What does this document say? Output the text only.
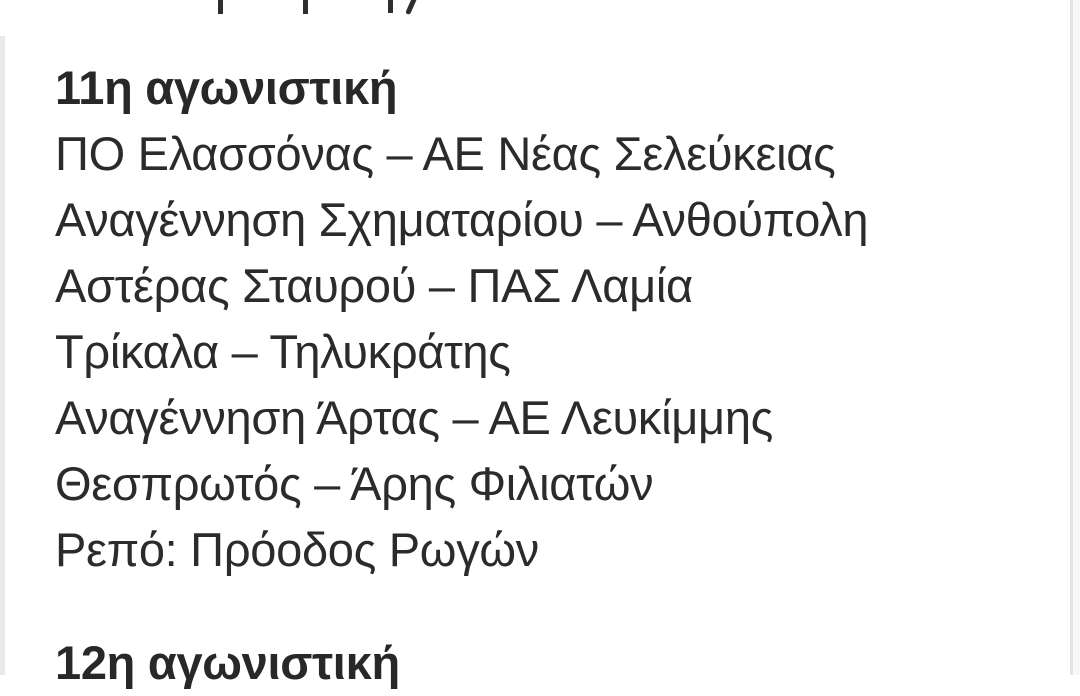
11η αγωνιστική
ΠΟ Ελασσόνας – ΑΕ Νέας Σελεύκειας
Αναγέννηση Σχηματαρίου – Ανθούπολη
Αστέρας Σταυρού – ΠΑΣ Λαμία
Τρίκαλα – Τηλυκράτης
Αναγέννηση Άρτας – ΑΕ Λευκίμμης
Θεσπρωτός – Άρης Φιλιατών
Ρεπό: Πρόοδος Ρωγών
12η αγωνιστική
